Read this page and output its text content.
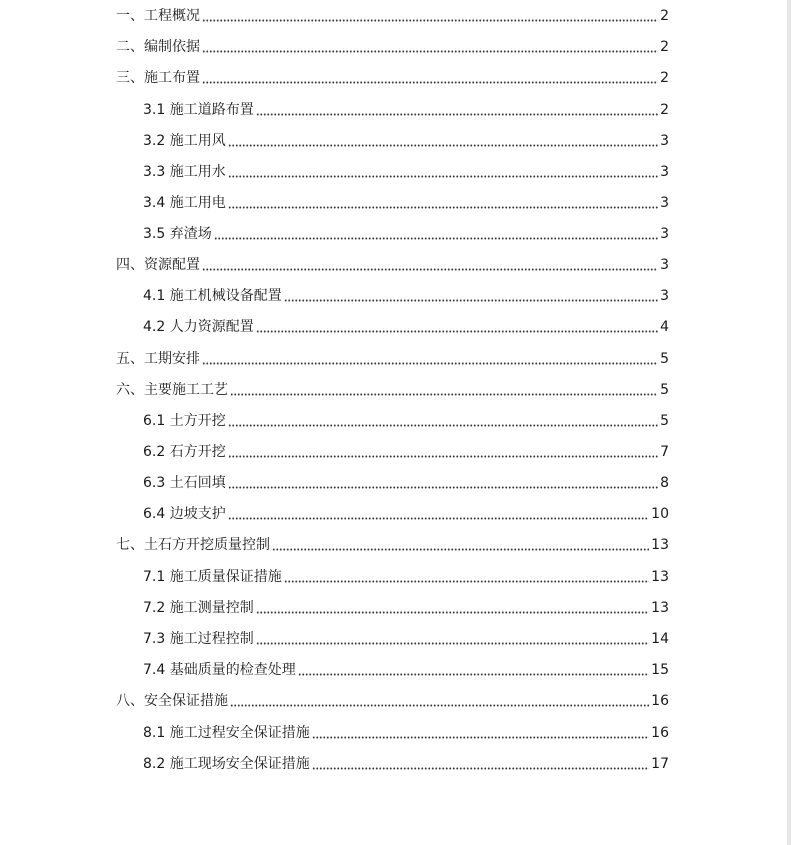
一、工程概况	2
二、编制依据	2
三、施工布置	2
3.1 施工道路布置	2
3.2 施工用风	3
3.3 施工用水	3
3.4 施工用电	3
3.5 弃渣场	3
四、资源配置	3
4.1 施工机械设备配置	3
4.2 人力资源配置	4
五、工期安排	5
六、主要施工工艺	5
6.1 土方开挖	5
6.2 石方开挖	7
6.3 土石回填	8
6.4 边坡支护	10
七、土石方开挖质量控制	13
7.1 施工质量保证措施	13
7.2 施工测量控制	13
7.3 施工过程控制	14
7.4 基础质量的检查处理	15
八、安全保证措施	16
8.1 施工过程安全保证措施	16
8.2 施工现场安全保证措施	17
